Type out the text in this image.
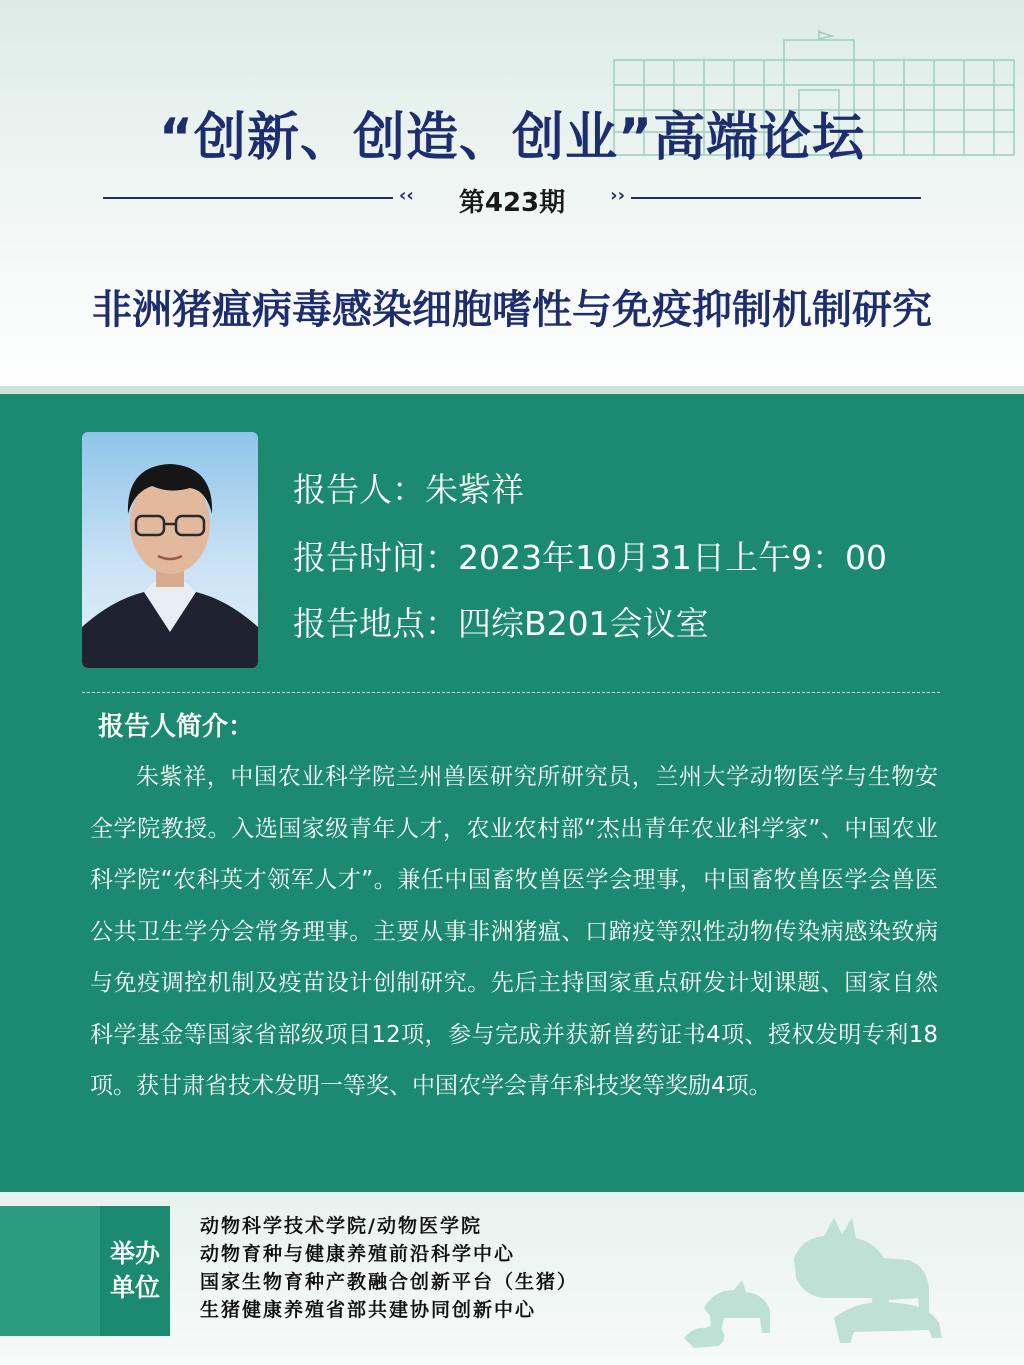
“创新、创造、创业”高端论坛
‹‹	第423期	››
非洲猪瘟病毒感染细胞嗜性与免疫抑制机制研究
报告人：朱紫祥
报告时间：2023年10月31日上午9：00
报告地点：四综B201会议室
报告人简介：
朱紫祥，中国农业科学院兰州兽医研究所研究员，兰州大学动物医学与生物安全学院教授。入选国家级青年人才，农业农村部“杰出青年农业科学家”、中国农业科学院“农科英才领军人才”。兼任中国畜牧兽医学会理事，中国畜牧兽医学会兽医公共卫生学分会常务理事。主要从事非洲猪瘟、口蹄疫等烈性动物传染病感染致病与免疫调控机制及疫苗设计创制研究。先后主持国家重点研发计划课题、国家自然科学基金等国家省部级项目12项，参与完成并获新兽药证书4项、授权发明专利18项。获甘肃省技术发明一等奖、中国农学会青年科技奖等奖励4项。
举办
单位
动物科学技术学院/动物医学院
动物育种与健康养殖前沿科学中心
国家生物育种产教融合创新平台（生猪）
生猪健康养殖省部共建协同创新中心
